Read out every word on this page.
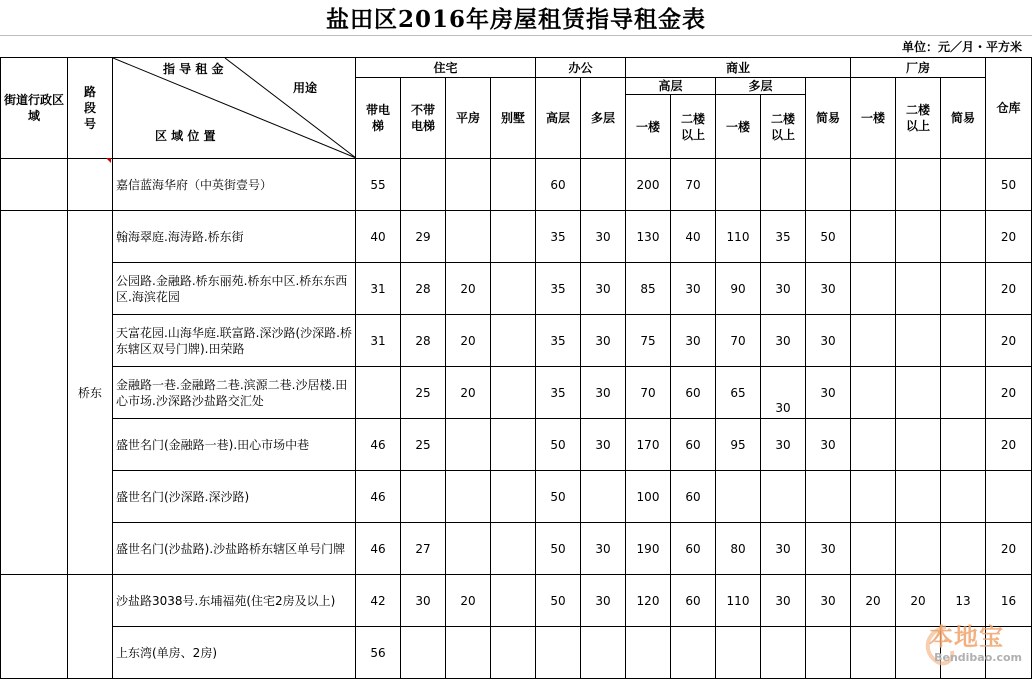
盐田区2016年房屋租赁指导租金表
单位：元／月・平方米
街道行政区域	路段号	指 导 租 金
用途
区 域 位 置	住宅				办公		商业					厂房			仓库
			带电梯	不带电梯	平房	别墅	高层	多层	高层		多层		简易	一楼	二楼以上	简易	
									一楼	二楼以上	一楼	二楼以上					

		嘉信蓝海华府（中英街壹号）	55				60		200	70							50
	桥东	翰海翠庭.海涛路.桥东街	40	29			35	30	130	40	110	35	50				20
		公园路.金融路.桥东丽苑.桥东中区.桥东东西区.海滨花园	31	28	20		35	30	85	30	90	30	30				20
		天富花园.山海华庭.联富路.深沙路(沙深路.桥东辖区双号门牌).田荣路	31	28	20		35	30	75	30	70	30	30				20
		金融路一巷.金融路二巷.滨源二巷.沙居楼.田心市场.沙深路沙盐路交汇处		25	20		35	30	70	60	65	30	30				20
		盛世名门(金融路一巷).田心市场中巷	46	25			50	30	170	60	95	30	30				20
		盛世名门(沙深路.深沙路)	46				50		100	60							
		盛世名门(沙盐路).沙盐路桥东辖区单号门牌	46	27			50	30	190	60	80	30	30				20
		沙盐路3038号.东埔福苑(住宅2房及以上)	42	30	20		50	30	120	60	110	30	30	20	20	13	16
		上东湾(单房、2房)	56														
本地宝
Bendibao.com
